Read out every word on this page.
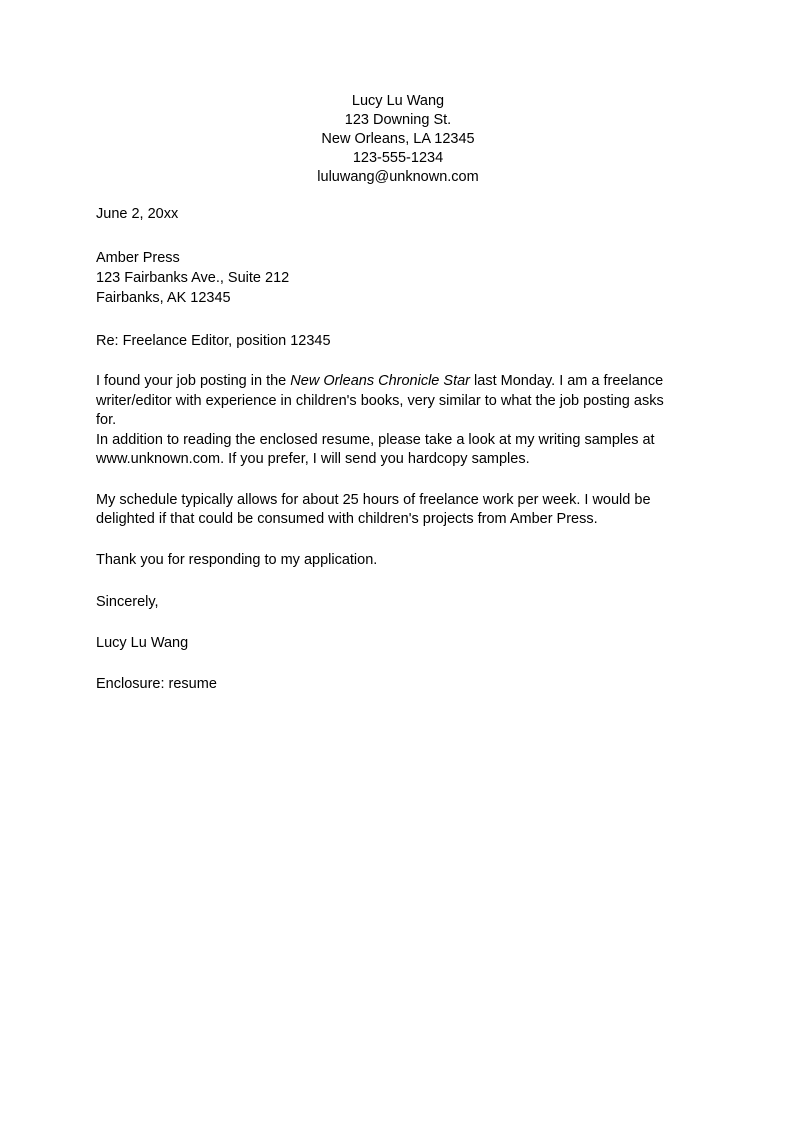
Lucy Lu Wang
123 Downing St.
New Orleans, LA 12345
123-555-1234
luluwang@unknown.com
June 2, 20xx
Amber Press
123 Fairbanks Ave., Suite 212
Fairbanks, AK 12345
Re: Freelance Editor, position 12345
I found your job posting in the New Orleans Chronicle Star last Monday. I am a freelance writer/editor with experience in children's books, very similar to what the job posting asks for.
In addition to reading the enclosed resume, please take a look at my writing samples at www.unknown.com. If you prefer, I will send you hardcopy samples.
My schedule typically allows for about 25 hours of freelance work per week. I would be delighted if that could be consumed with children's projects from Amber Press.
Thank you for responding to my application.
Sincerely,
Lucy Lu Wang
Enclosure: resume
